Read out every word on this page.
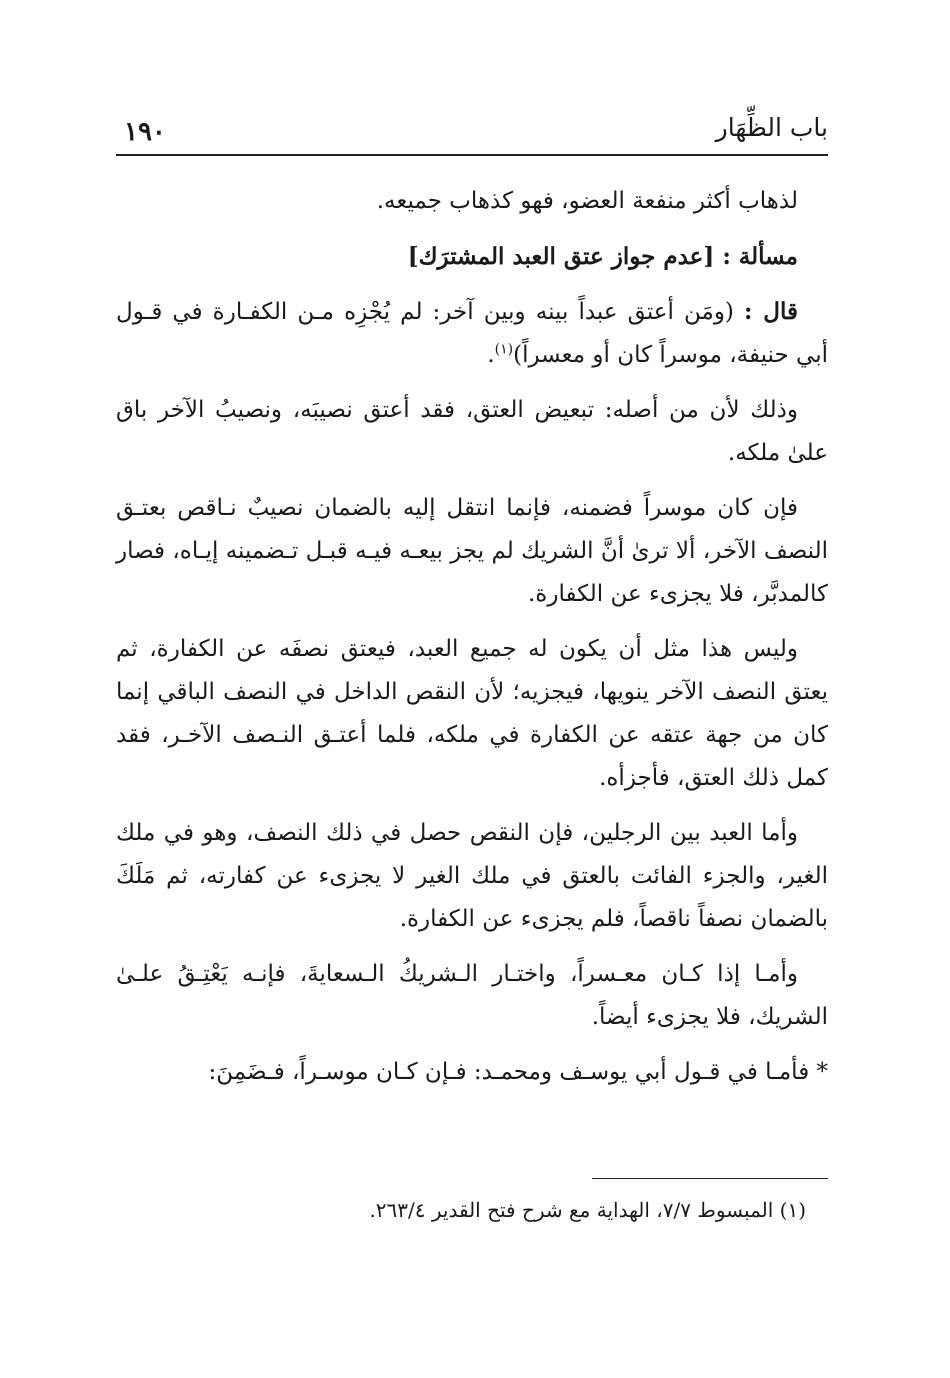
باب الظِّهَار
١٩٠

لذهاب أكثر منفعة العضو، فهو كذهاب جميعه.

مسألة : [عدم جواز عتق العبد المشترَك]

قال : (ومَن أعتق عبداً بينه وبين آخر: لم يُجْزِه مـن الكفـارة في قـول أبي حنيفة، موسراً كان أو معسراً)$^{(١)}$.

وذلك لأن من أصله: تبعيض العتق، فقد أعتق نصيبَه، ونصيبُ الآخر باق علىٰ ملكه.

فإن كان موسراً فضمنه، فإنما انتقل إليه بالضمان نصيبٌ نـاقص بعتـق النصف الآخر، ألا ترىٰ أنَّ الشريك لم يجز بيعـه فيـه قبـل تـضمينه إيـاه، فصار كالمدبَّر، فلا يجزىء عن الكفارة.

وليس هذا مثل أن يكون له جميع العبد، فيعتق نصفَه عن الكفارة، ثم يعتق النصف الآخر ينويها، فيجزيه؛ لأن النقص الداخل في النصف الباقي إنما كان من جهة عتقه عن الكفارة في ملكه، فلما أعتـق النـصف الآخـر، فقد كمل ذلك العتق، فأجزأه.

وأما العبد بين الرجلين، فإن النقص حصل في ذلك النصف، وهو في ملك الغير، والجزء الفائت بالعتق في ملك الغير لا يجزىء عن كفارته، ثم مَلَكَ بالضمان نصفاً ناقصاً، فلم يجزىء عن الكفارة.

وأمـا إذا كـان معـسراً، واختـار الـشريكُ الـسعايةَ، فإنـه يَعْتِـقُ علـىٰ الشريك، فلا يجزىء أيضاً.

* فأمـا في قـول أبي يوسـف ومحمـد: فـإن كـان موسـراً، فـضَمِنَ:

(١) المبسوط ٧/٧، الهداية مع شرح فتح القدير ٢٦٣/٤.
